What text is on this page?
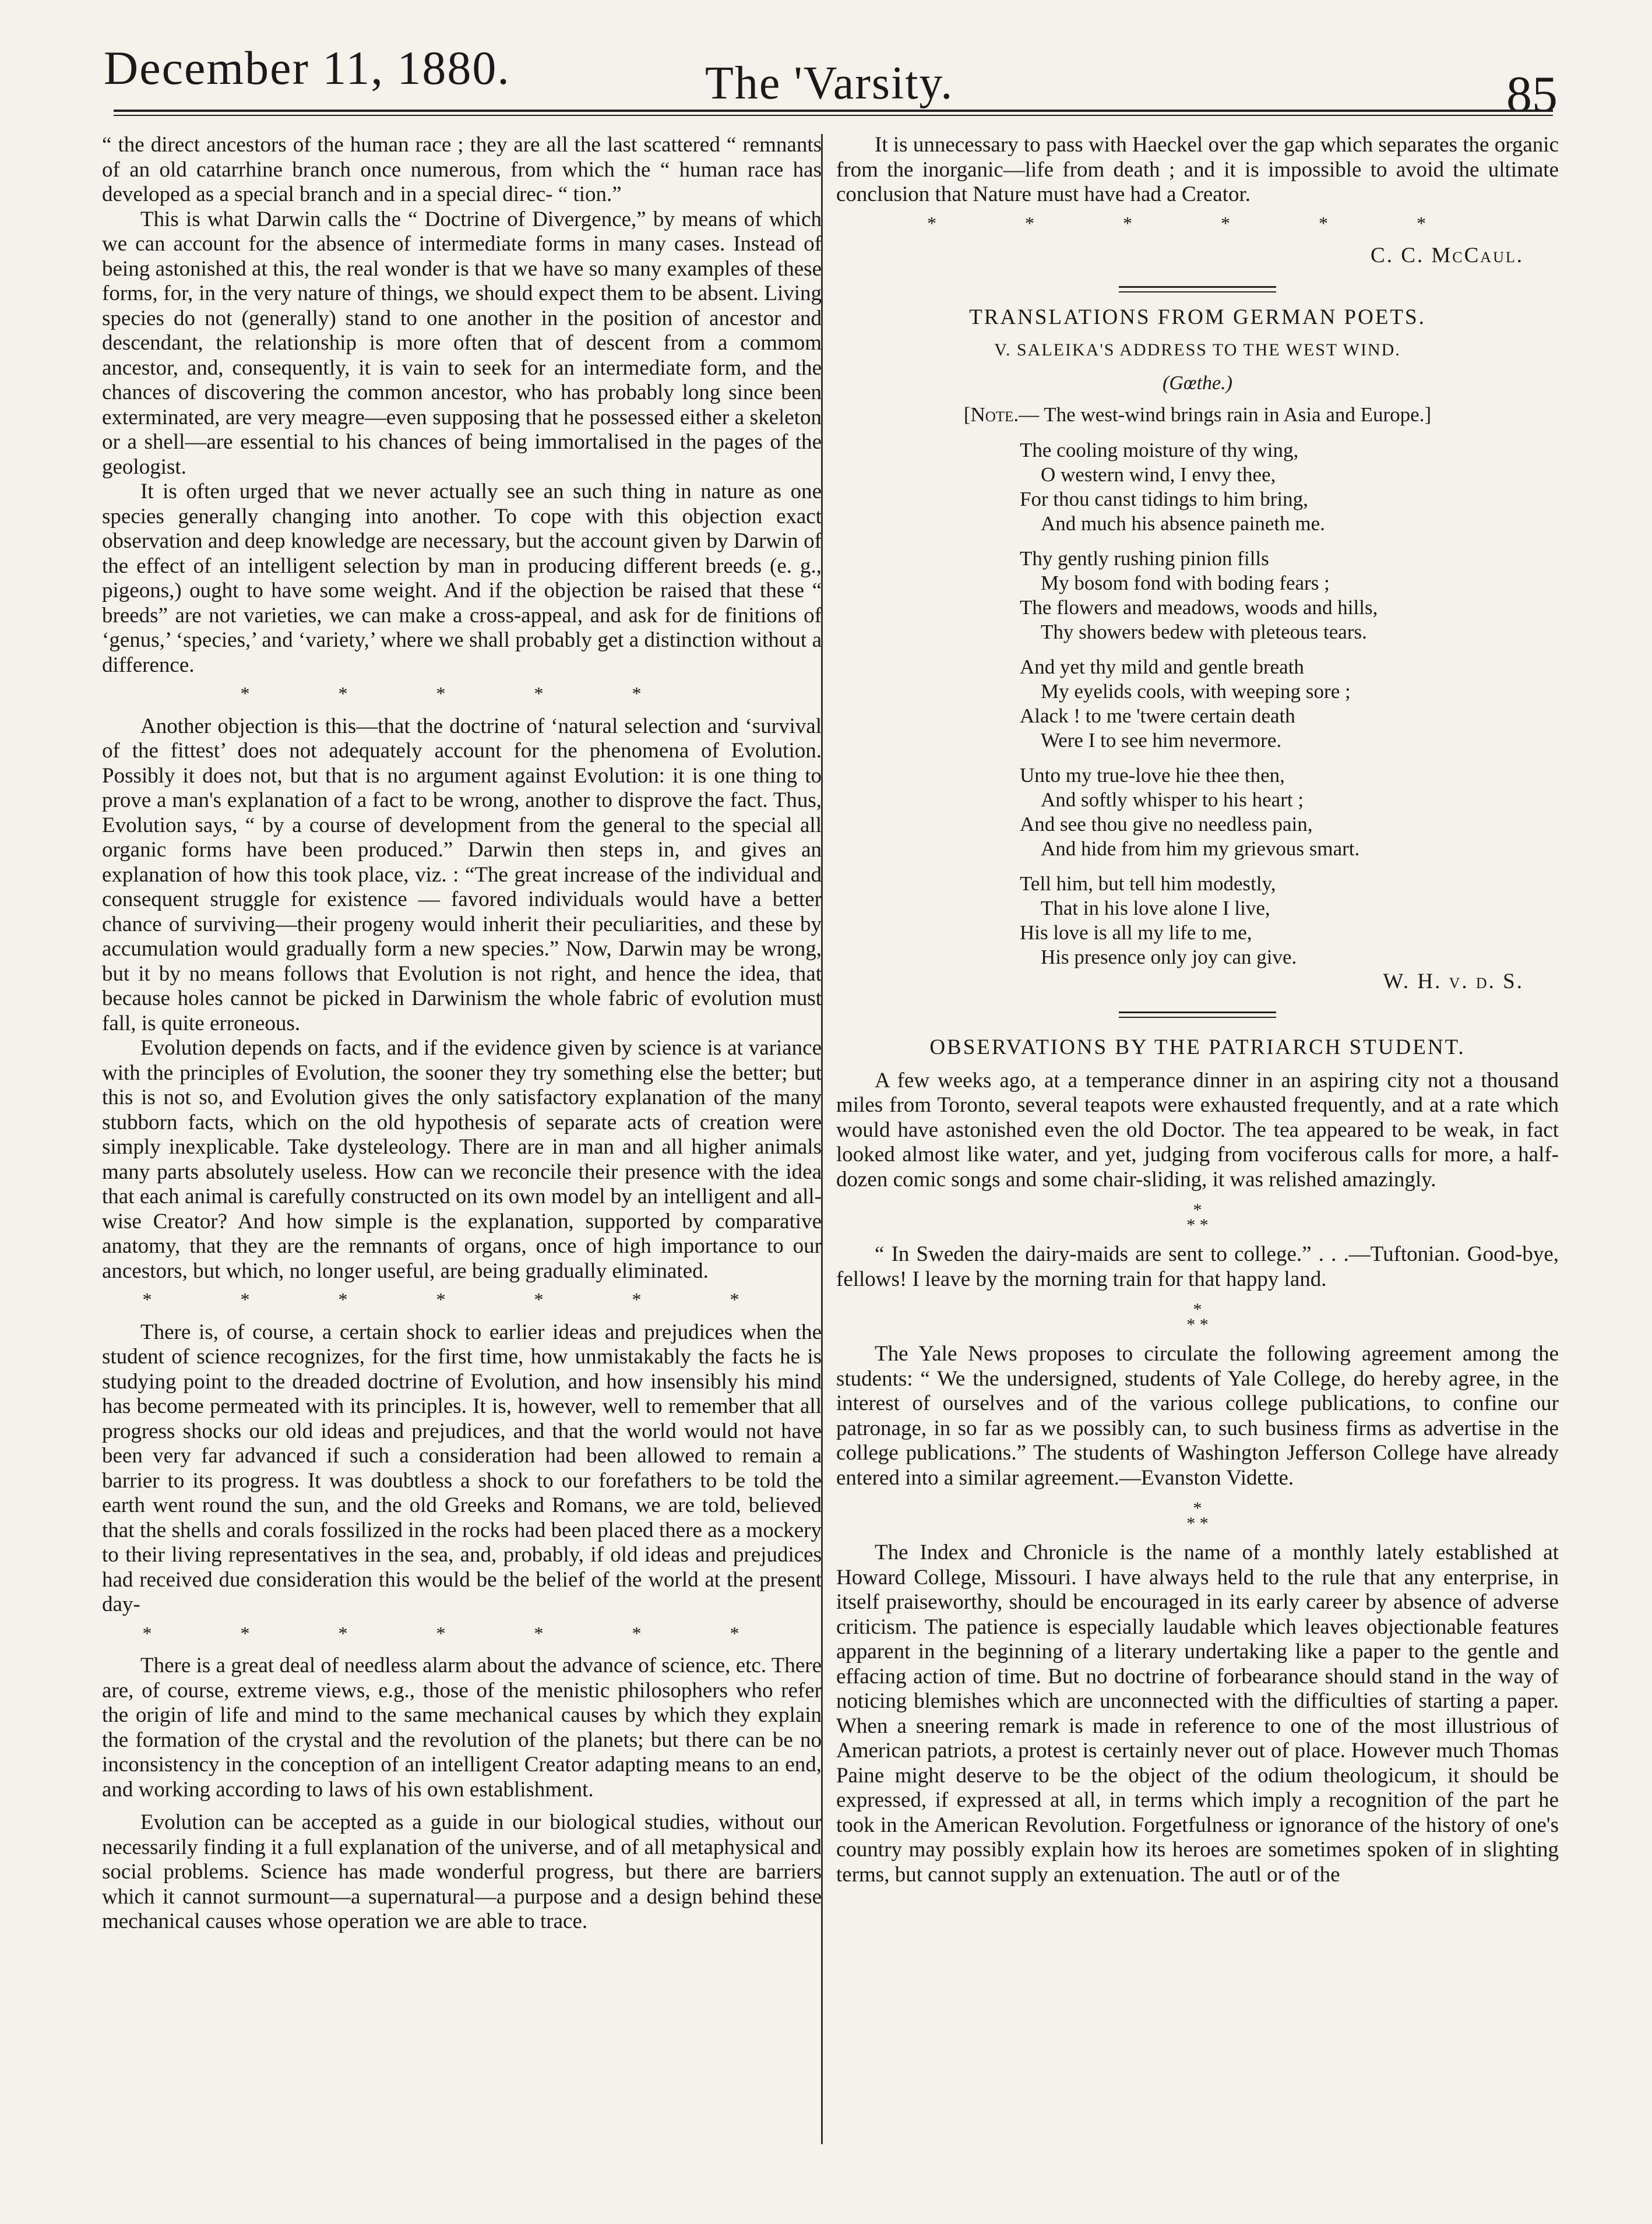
December 11, 1880.	The 'Varsity.	85

“ the direct ancestors of the human race ; they are all the last scattered “ remnants of an old catarrhine branch once numerous, from which the “ human race has developed as a special branch and in a special direc- “ tion.”

This is what Darwin calls the “ Doctrine of Divergence,” by means of which we can account for the absence of intermediate forms in many cases. Instead of being astonished at this, the real wonder is that we have so many examples of these forms, for, in the very nature of things, we should expect them to be absent. Living species do not (generally) stand to one another in the position of ancestor and descendant, the relationship is more often that of descent from a commom ancestor, and, consequently, it is vain to seek for an intermediate form, and the chances of discovering the common ancestor, who has probably long since been exterminated, are very meagre—even supposing that he possessed either a skeleton or a shell—are essential to his chances of being immortalised in the pages of the geologist.

It is often urged that we never actually see an such thing in nature as one species generally changing into another. To cope with this objection exact observation and deep knowledge are necessary, but the account given by Darwin of the effect of an intelligent selection by man in producing different breeds (e. g., pigeons,) ought to have some weight. And if the objection be raised that these “ breeds” are not varieties, we can make a cross-appeal, and ask for de finitions of ‘genus,’ ‘species,’ and ‘variety,’ where we shall probably get a distinction without a difference.

* * * * *

Another objection is this—that the doctrine of ‘natural selection and ‘survival of the fittest’ does not adequately account for the phenomena of Evolution. Possibly it does not, but that is no argument against Evolution: it is one thing to prove a man's explanation of a fact to be wrong, another to disprove the fact. Thus, Evolution says, “ by a course of development from the general to the special all organic forms have been produced.” Darwin then steps in, and gives an explanation of how this took place, viz. : “The great increase of the individual and consequent struggle for existence — favored individuals would have a better chance of surviving—their progeny would inherit their peculiarities, and these by accumulation would gradually form a new species.” Now, Darwin may be wrong, but it by no means follows that Evolution is not right, and hence the idea, that because holes cannot be picked in Darwinism the whole fabric of evolution must fall, is quite erroneous.

Evolution depends on facts, and if the evidence given by science is at variance with the principles of Evolution, the sooner they try something else the better; but this is not so, and Evolution gives the only satisfactory explanation of the many stubborn facts, which on the old hypothesis of separate acts of creation were simply inexplicable. Take dysteleology. There are in man and all higher animals many parts absolutely useless. How can we reconcile their presence with the idea that each animal is carefully constructed on its own model by an intelligent and all-wise Creator? And how simple is the explanation, supported by comparative anatomy, that they are the remnants of organs, once of high importance to our ancestors, but which, no longer useful, are being gradually eliminated.

* * * * * * *

There is, of course, a certain shock to earlier ideas and prejudices when the student of science recognizes, for the first time, how unmistakably the facts he is studying point to the dreaded doctrine of Evolution, and how insensibly his mind has become permeated with its principles. It is, however, well to remember that all progress shocks our old ideas and prejudices, and that the world would not have been very far advanced if such a consideration had been allowed to remain a barrier to its progress. It was doubtless a shock to our forefathers to be told the earth went round the sun, and the old Greeks and Romans, we are told, believed that the shells and corals fossilized in the rocks had been placed there as a mockery to their living representatives in the sea, and, probably, if old ideas and prejudices had received due consideration this would be the belief of the world at the present day-

* * * * * * *

There is a great deal of needless alarm about the advance of science, etc. There are, of course, extreme views, e.g., those of the menistic philosophers who refer the origin of life and mind to the same mechanical causes by which they explain the formation of the crystal and the revolution of the planets; but there can be no inconsistency in the conception of an intelligent Creator adapting means to an end, and working according to laws of his own establishment.

Evolution can be accepted as a guide in our biological studies, without our necessarily finding it a full explanation of the universe, and of all metaphysical and social problems. Science has made wonderful progress, but there are barriers which it cannot surmount—a supernatural—a purpose and a design behind these mechanical causes whose operation we are able to trace.

It is unnecessary to pass with Haeckel over the gap which separates the organic from the inorganic—life from death ; and it is impossible to avoid the ultimate conclusion that Nature must have had a Creator.

* * * * * *
C. C. McCaul.
TRANSLATIONS FROM GERMAN POETS.
V. SALEIKA'S ADDRESS TO THE WEST WIND.
(Gœthe.)
[Note.— The west-wind brings rain in Asia and Europe.]
The cooling moisture of thy wing,
O western wind, I envy thee,
For thou canst tidings to him bring,
And much his absence paineth me.
Thy gently rushing pinion fills
My bosom fond with boding fears ;
The flowers and meadows, woods and hills,
Thy showers bedew with pleteous tears.
And yet thy mild and gentle breath
My eyelids cools, with weeping sore ;
Alack ! to me 'twere certain death
Were I to see him nevermore.
Unto my true-love hie thee then,
And softly whisper to his heart ;
And see thou give no needless pain,
And hide from him my grievous smart.
Tell him, but tell him modestly,
That in his love alone I live,
His love is all my life to me,
His presence only joy can give.
W. H. v. d. S.
OBSERVATIONS BY THE PATRIARCH STUDENT.

A few weeks ago, at a temperance dinner in an aspiring city not a thousand miles from Toronto, several teapots were exhausted frequently, and at a rate which would have astonished even the old Doctor. The tea appeared to be weak, in fact looked almost like water, and yet, judging from vociferous calls for more, a half-dozen comic songs and some chair-sliding, it was relished amazingly.

*
* *

“ In Sweden the dairy-maids are sent to college.” . . .—Tuftonian. Good-bye, fellows! I leave by the morning train for that happy land.

*
* *

The Yale News proposes to circulate the following agreement among the students: “ We the undersigned, students of Yale College, do hereby agree, in the interest of ourselves and of the various college publications, to confine our patronage, in so far as we possibly can, to such business firms as advertise in the college publications.” The students of Washington Jefferson College have already entered into a similar agreement.—Evanston Vidette.

*
* *

The Index and Chronicle is the name of a monthly lately established at Howard College, Missouri. I have always held to the rule that any enterprise, in itself praiseworthy, should be encouraged in its early career by absence of adverse criticism. The patience is especially laudable which leaves objectionable features apparent in the beginning of a literary undertaking like a paper to the gentle and effacing action of time. But no doctrine of forbearance should stand in the way of noticing blemishes which are unconnected with the difficulties of starting a paper. When a sneering remark is made in reference to one of the most illustrious of American patriots, a protest is certainly never out of place. However much Thomas Paine might deserve to be the object of the odium theologicum, it should be expressed, if expressed at all, in terms which imply a recognition of the part he took in the American Revolution. Forgetfulness or ignorance of the history of one's country may possibly explain how its heroes are sometimes spoken of in slighting terms, but cannot supply an extenuation. The autl or of the
